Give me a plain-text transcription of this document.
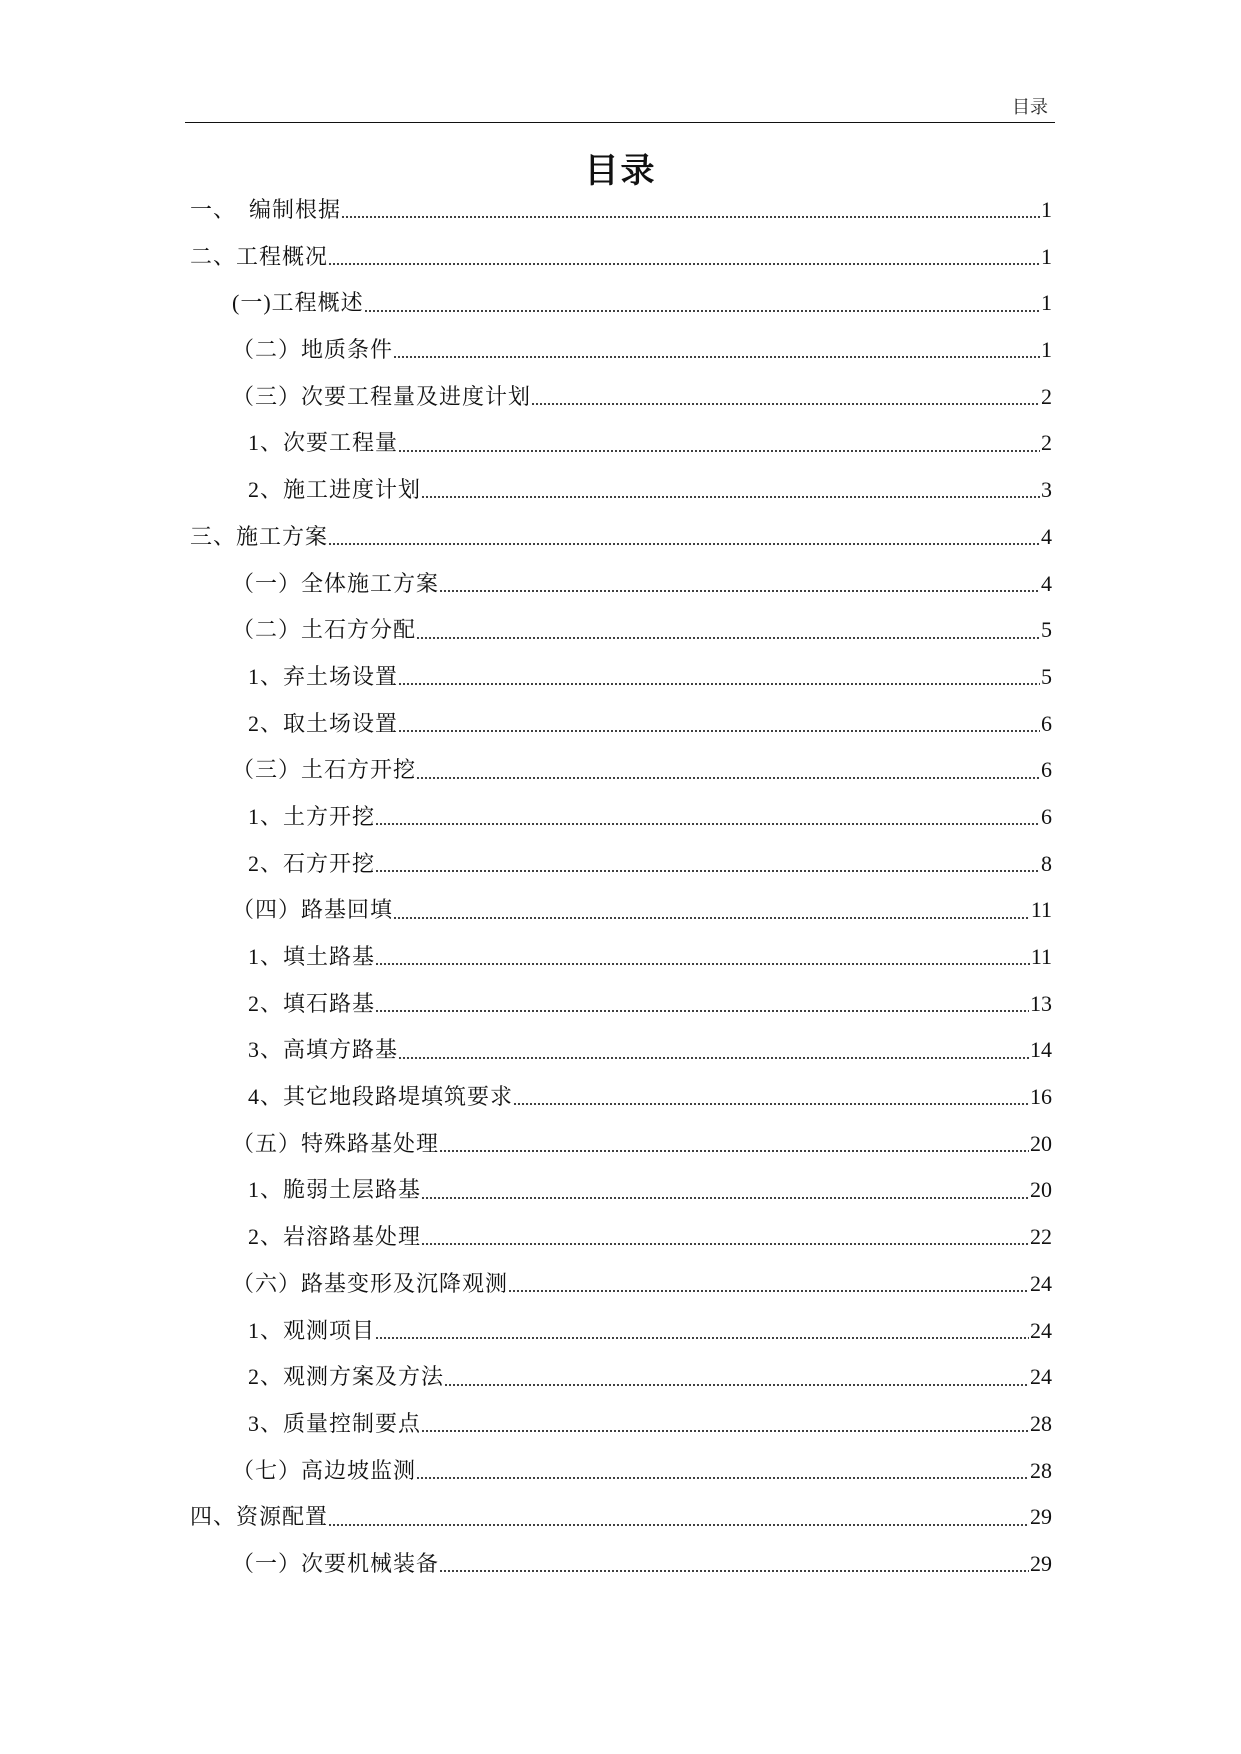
目录
目录
一、  编制根据	1
二、工程概况	1
(一)工程概述	1
（二）地质条件	1
（三）次要工程量及进度计划	2
1、次要工程量	2
2、施工进度计划	3
三、施工方案	4
（一）全体施工方案	4
（二）土石方分配	5
1、弃土场设置	5
2、取土场设置	6
（三）土石方开挖	6
1、土方开挖	6
2、石方开挖	8
（四）路基回填	11
1、填土路基	11
2、填石路基	13
3、高填方路基	14
4、其它地段路堤填筑要求	16
（五）特殊路基处理	20
1、脆弱土层路基	20
2、岩溶路基处理	22
（六）路基变形及沉降观测	24
1、观测项目	24
2、观测方案及方法	24
3、质量控制要点	28
（七）高边坡监测	28
四、资源配置	29
（一）次要机械装备	29
